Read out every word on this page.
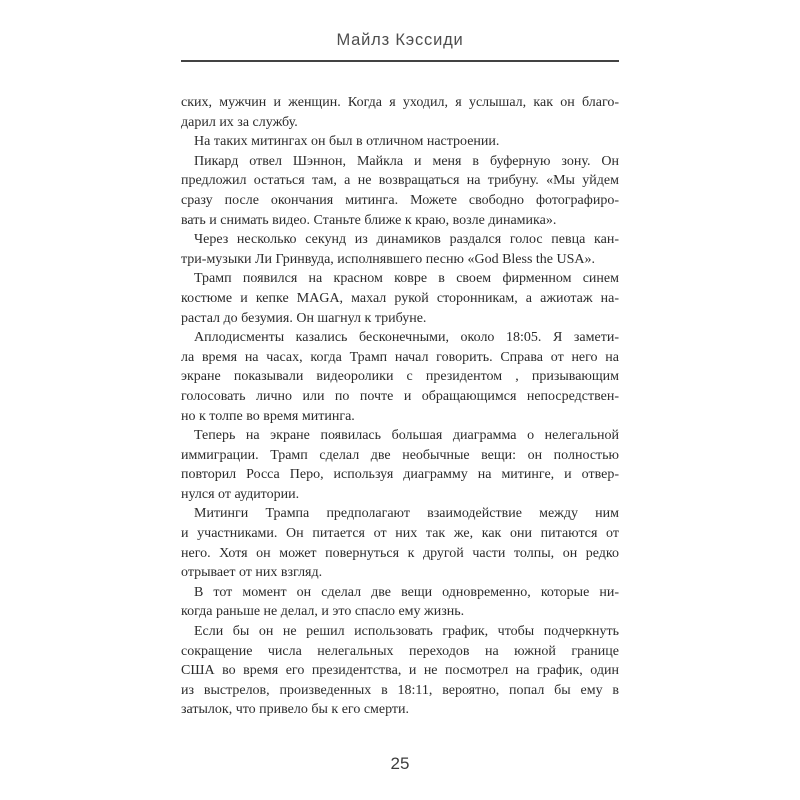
Майлз Кэссиди

ских, мужчин и женщин. Когда я уходил, я услышал, как он благо-
дарил их за службу.

На таких митингах он был в отличном настроении.

Пикард отвел Шэннон, Майкла и меня в буферную зону. Он
предложил остаться там, а не возвращаться на трибуну. «Мы уйдем
сразу после окончания митинга. Можете свободно фотографиро-
вать и снимать видео. Станьте ближе к краю, возле динамика».

Через несколько секунд из динамиков раздался голос певца кан-
три-музыки Ли Гринвуда, исполнявшего песню «God Bless the USA».

Трамп появился на красном ковре в своем фирменном синем
костюме и кепке MAGA, махал рукой сторонникам, а ажиотаж на-
растал до безумия. Он шагнул к трибуне.

Аплодисменты казались бесконечными, около 18:05. Я замети-
ла время на часах, когда Трамп начал говорить. Справа от него на
экране показывали видеоролики с президентом , призывающим
голосовать лично или по почте и обращающимся непосредствен-
но к толпе во время митинга.

Теперь на экране появилась большая диаграмма о нелегальной
иммиграции. Трамп сделал две необычные вещи: он полностью
повторил Росса Перо, используя диаграмму на митинге, и отвер-
нулся от аудитории.

Митинги Трампа предполагают взаимодействие между ним
и участниками. Он питается от них так же, как они питаются от
него. Хотя он может повернуться к другой части толпы, он редко
отрывает от них взгляд.

В тот момент он сделал две вещи одновременно, которые ни-
когда раньше не делал, и это спасло ему жизнь.

Если бы он не решил использовать график, чтобы подчеркнуть
сокращение числа нелегальных переходов на южной границе
США во время его президентства, и не посмотрел на график, один
из выстрелов, произведенных в 18:11, вероятно, попал бы ему в
затылок, что привело бы к его смерти.

25
